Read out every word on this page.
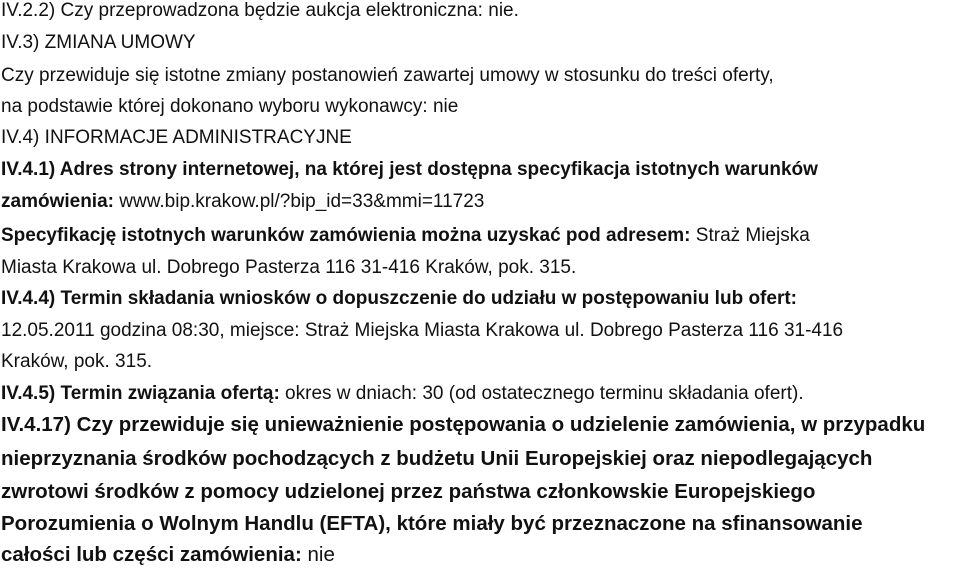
IV.2.2) Czy przeprowadzona będzie aukcja elektroniczna: nie.
IV.3) ZMIANA UMOWY
Czy przewiduje się istotne zmiany postanowień zawartej umowy w stosunku do treści oferty,
na podstawie której dokonano wyboru wykonawcy: nie
IV.4) INFORMACJE ADMINISTRACYJNE
IV.4.1) Adres strony internetowej, na której jest dostępna specyfikacja istotnych warunków
zamówienia: www.bip.krakow.pl/?bip_id=33&mmi=11723
Specyfikację istotnych warunków zamówienia można uzyskać pod adresem: Straż Miejska
Miasta Krakowa ul. Dobrego Pasterza 116 31-416 Kraków, pok. 315.
IV.4.4) Termin składania wniosków o dopuszczenie do udziału w postępowaniu lub ofert:
12.05.2011 godzina 08:30, miejsce: Straż Miejska Miasta Krakowa ul. Dobrego Pasterza 116 31-416
Kraków, pok. 315.
IV.4.5) Termin związania ofertą: okres w dniach: 30 (od ostatecznego terminu składania ofert).
IV.4.17) Czy przewiduje się unieważnienie postępowania o udzielenie zamówienia, w przypadku
nieprzyznania środków pochodzących z budżetu Unii Europejskiej oraz niepodlegających
zwrotowi środków z pomocy udzielonej przez państwa członkowskie Europejskiego
Porozumienia o Wolnym Handlu (EFTA), które miały być przeznaczone na sfinansowanie
całości lub części zamówienia: nie
